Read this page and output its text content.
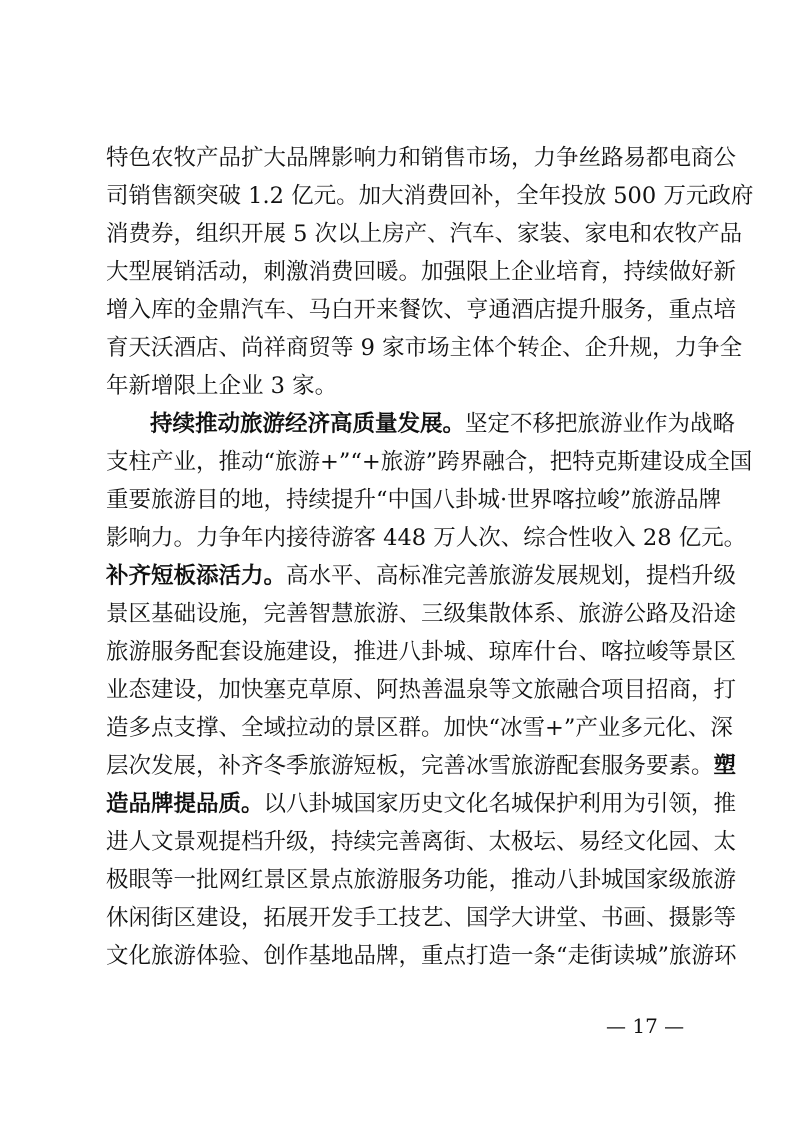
特色农牧产品扩大品牌影响力和销售市场，力争丝路易都电商公
司销售额突破 1.2 亿元。加大消费回补，全年投放 500 万元政府
消费券，组织开展 5 次以上房产、汽车、家装、家电和农牧产品
大型展销活动，刺激消费回暖。加强限上企业培育，持续做好新
增入库的金鼎汽车、马白开来餐饮、亨通酒店提升服务，重点培
育天沃酒店、尚祥商贸等 9 家市场主体个转企、企升规，力争全
年新增限上企业 3 家。
持续推动旅游经济高质量发展。坚定不移把旅游业作为战略
支柱产业，推动“旅游+”“+旅游”跨界融合，把特克斯建设成全国
重要旅游目的地，持续提升“中国八卦城·世界喀拉峻”旅游品牌
影响力。力争年内接待游客 448 万人次、综合性收入 28 亿元。
补齐短板添活力。高水平、高标准完善旅游发展规划，提档升级
景区基础设施，完善智慧旅游、三级集散体系、旅游公路及沿途
旅游服务配套设施建设，推进八卦城、琼库什台、喀拉峻等景区
业态建设，加快塞克草原、阿热善温泉等文旅融合项目招商，打
造多点支撑、全域拉动的景区群。加快“冰雪+”产业多元化、深
层次发展，补齐冬季旅游短板，完善冰雪旅游配套服务要素。塑
造品牌提品质。以八卦城国家历史文化名城保护利用为引领，推
进人文景观提档升级，持续完善离街、太极坛、易经文化园、太
极眼等一批网红景区景点旅游服务功能，推动八卦城国家级旅游
休闲街区建设，拓展开发手工技艺、国学大讲堂、书画、摄影等
文化旅游体验、创作基地品牌，重点打造一条“走街读城”旅游环
— 17 —
